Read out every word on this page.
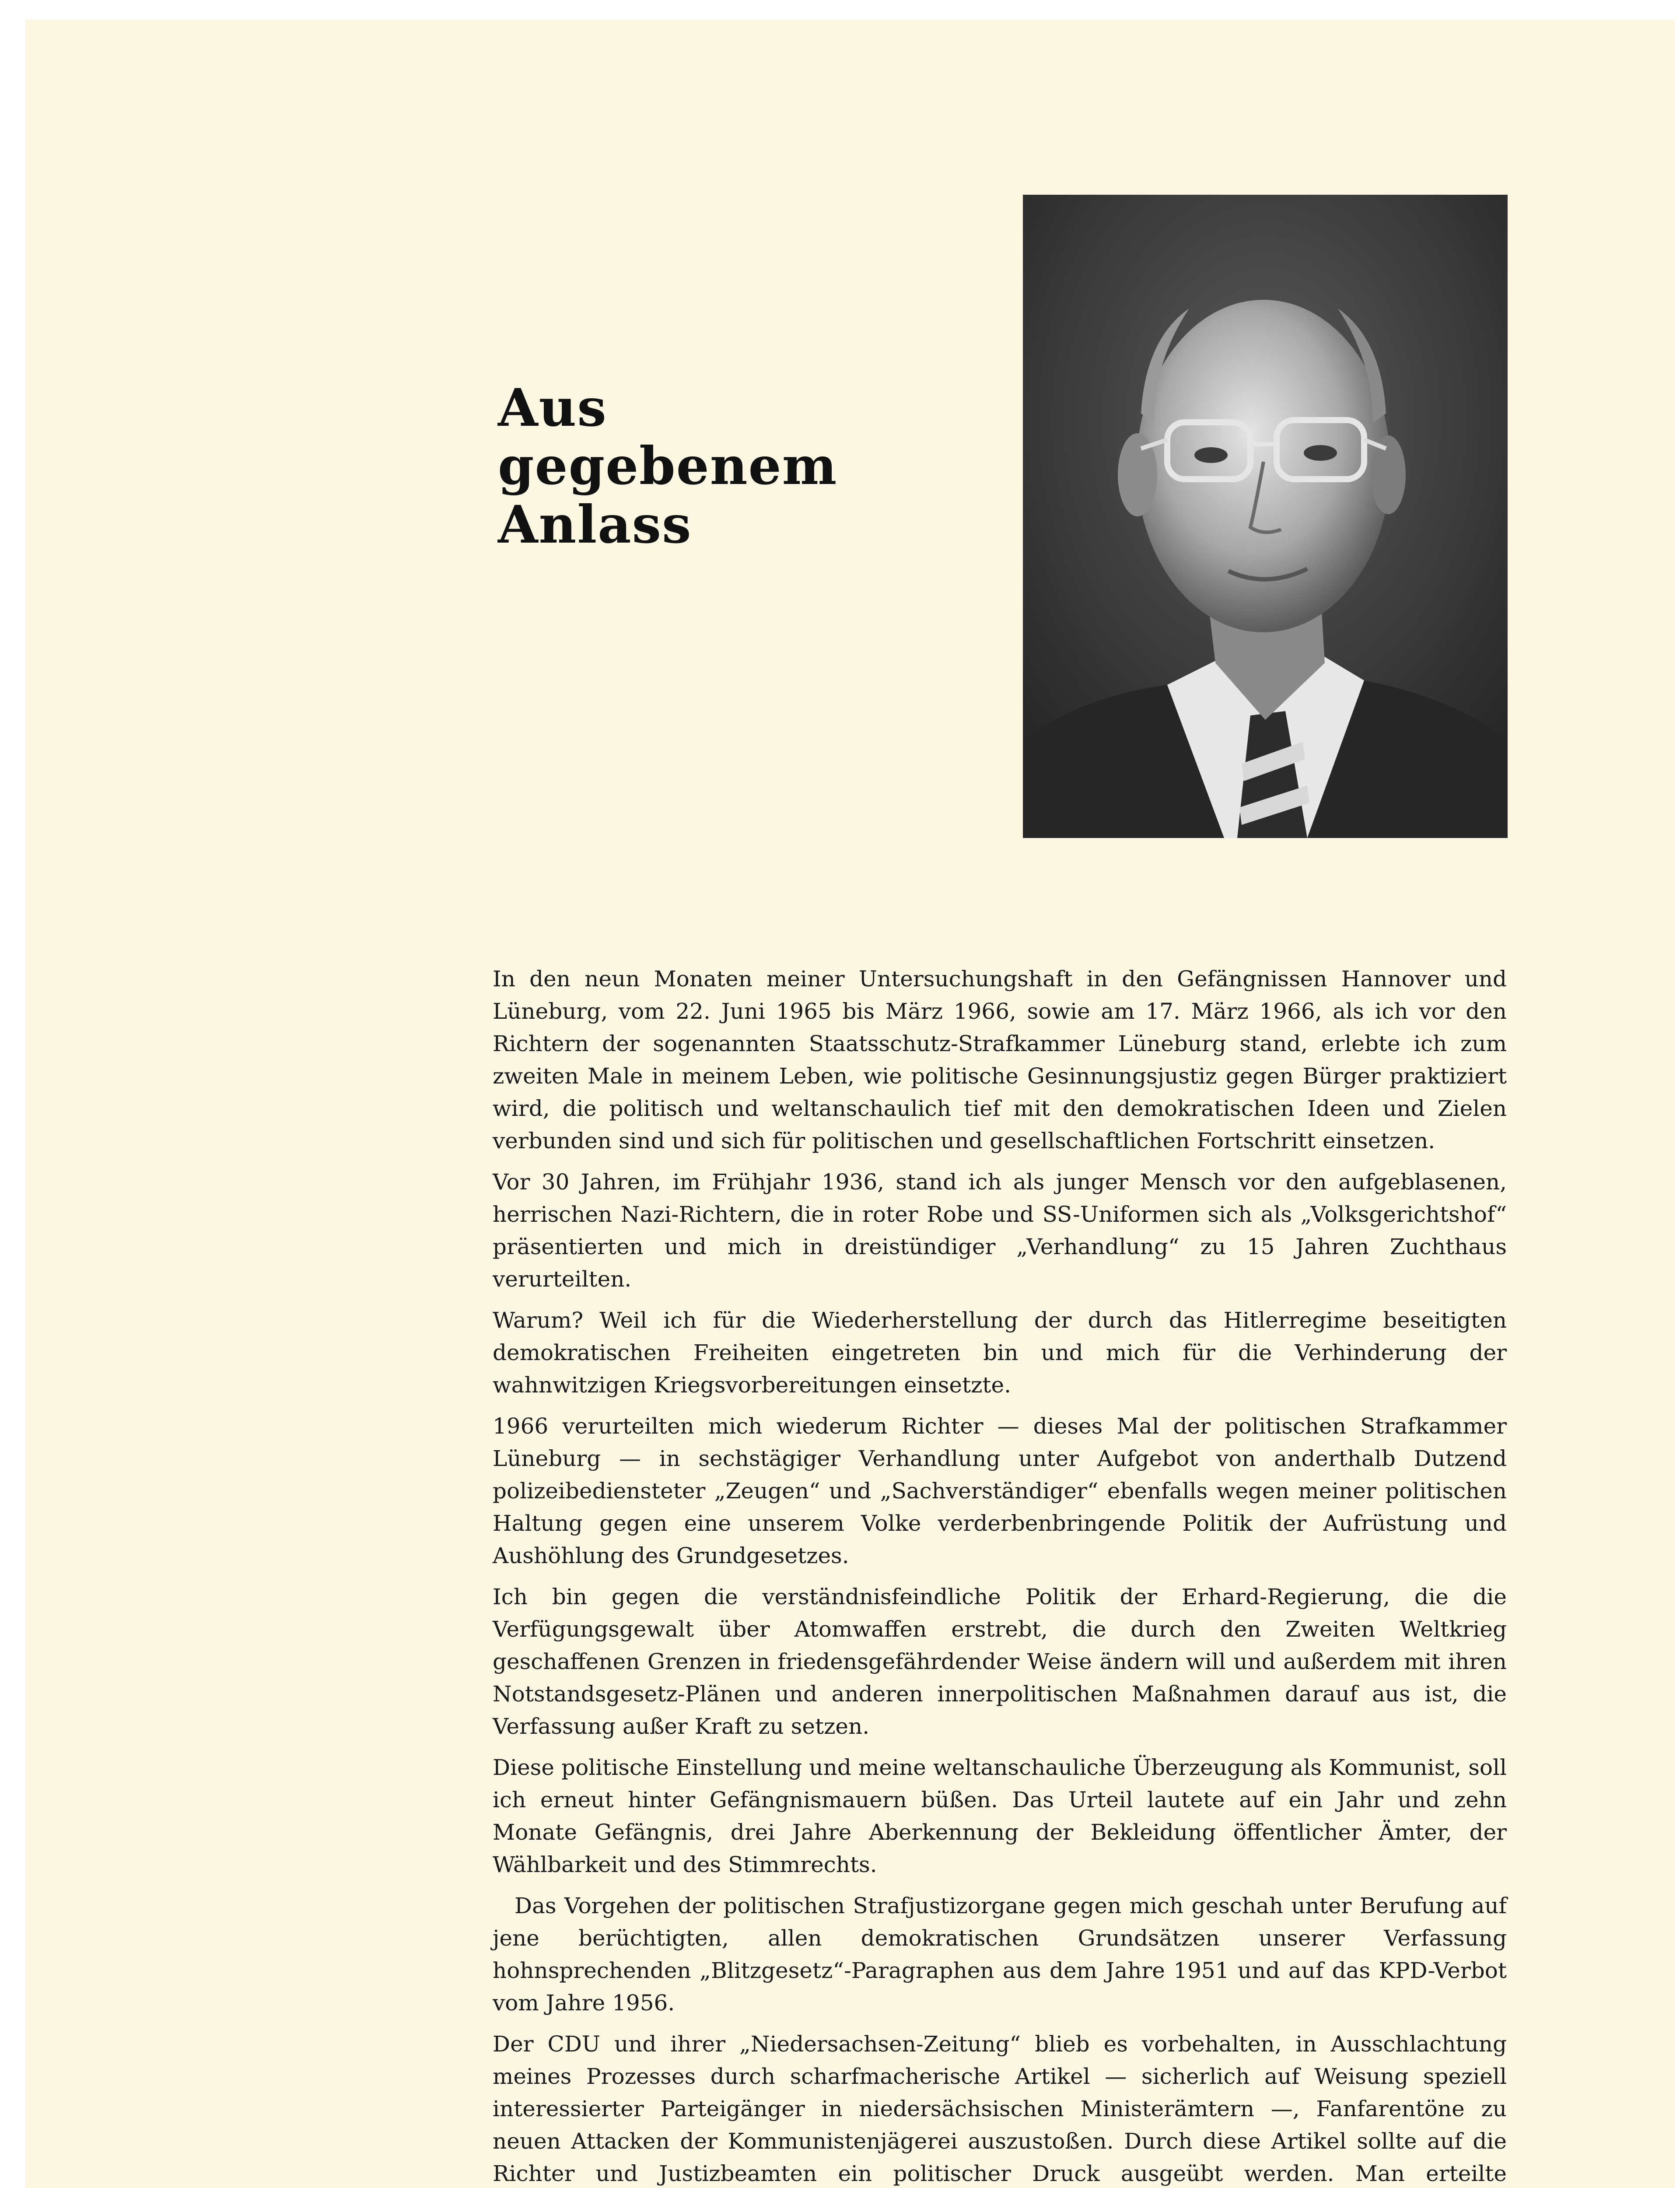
Aus
gegebenem
Anlass

In den neun Monaten meiner Untersuchungshaft in den Gefängnissen Hannover und Lüneburg, vom 22. Juni 1965 bis März 1966, sowie am 17. März 1966, als ich vor den Richtern der sogenannten Staatsschutz-Strafkammer Lüneburg stand, erlebte ich zum zweiten Male in meinem Leben, wie politische Gesinnungsjustiz gegen Bürger praktiziert wird, die politisch und weltanschaulich tief mit den demokratischen Ideen und Zielen verbunden sind und sich für politischen und gesellschaftlichen Fortschritt einsetzen.

Vor 30 Jahren, im Frühjahr 1936, stand ich als junger Mensch vor den aufgeblasenen, herrischen Nazi-Richtern, die in roter Robe und SS-Uniformen sich als „Volksgerichtshof“ präsentierten und mich in dreistündiger „Verhandlung“ zu 15 Jahren Zuchthaus verurteilten.

Warum? Weil ich für die Wiederherstellung der durch das Hitlerregime beseitigten demokratischen Freiheiten eingetreten bin und mich für die Verhinderung der wahnwitzigen Kriegsvorbereitungen einsetzte.

1966 verurteilten mich wiederum Richter — dieses Mal der politischen Strafkammer Lüneburg — in sechstägiger Verhandlung unter Aufgebot von anderthalb Dutzend polizeibediensteter „Zeugen“ und „Sachverständiger“ ebenfalls wegen meiner politischen Haltung gegen eine unserem Volke verderbenbringende Politik der Aufrüstung und Aushöhlung des Grundgesetzes.

Ich bin gegen die verständnisfeindliche Politik der Erhard-Regierung, die die Verfügungsgewalt über Atomwaffen erstrebt, die durch den Zweiten Weltkrieg geschaffenen Grenzen in friedensgefährdender Weise ändern will und außerdem mit ihren Notstandsgesetz-Plänen und anderen innerpolitischen Maßnahmen darauf aus ist, die Verfassung außer Kraft zu setzen.

Diese politische Einstellung und meine weltanschauliche Überzeugung als Kommunist, soll ich erneut hinter Gefängnismauern büßen. Das Urteil lautete auf ein Jahr und zehn Monate Gefängnis, drei Jahre Aberkennung der Bekleidung öffentlicher Ämter, der Wählbarkeit und des Stimmrechts.

Das Vorgehen der politischen Strafjustizorgane gegen mich geschah unter Berufung auf jene berüchtigten, allen demokratischen Grundsätzen unserer Verfassung hohnsprechenden „Blitzgesetz“-Paragraphen aus dem Jahre 1951 und auf das KPD-Verbot vom Jahre 1956.

Der CDU und ihrer „Niedersachsen-Zeitung“ blieb es vorbehalten, in Ausschlachtung meines Prozesses durch scharfmacherische Artikel — sicherlich auf Weisung speziell interessierter Parteigänger in niedersächsischen Ministerämtern —, Fanfarentöne zu neuen Attacken der Kommunistenjägerei auszustoßen. Durch diese Artikel sollte auf die Richter und Justizbeamten ein politischer Druck ausgeübt werden. Man erteilte
